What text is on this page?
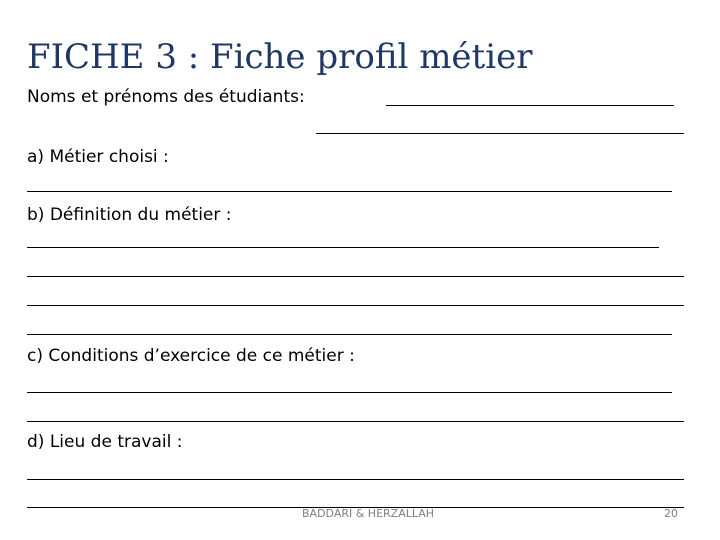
FICHE 3 : Fiche profil métier
Noms et prénoms des étudiants:
a) Métier choisi :
b) Définition du métier :
c) Conditions d’exercice de ce métier :
d) Lieu de travail :
BADDARI & HERZALLAH	20
